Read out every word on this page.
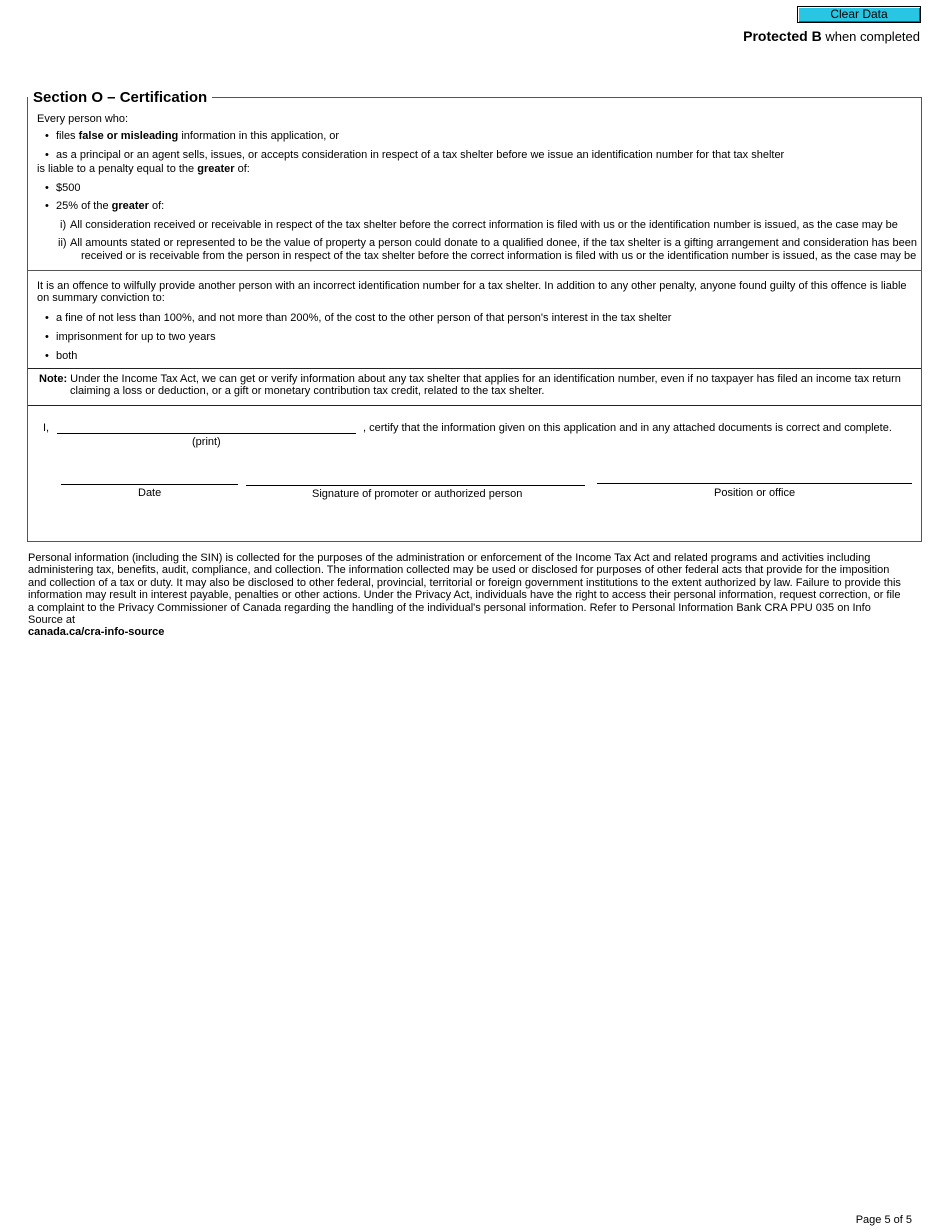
Clear Data
Protected B when completed
Section O – Certification
Every person who:
• files false or misleading information in this application, or
• as a principal or an agent sells, issues, or accepts consideration in respect of a tax shelter before we issue an identification number for that tax shelter
is liable to a penalty equal to the greater of:
• $500
• 25% of the greater of:
i) All consideration received or receivable in respect of the tax shelter before the correct information is filed with us or the identification number is issued, as the case may be
ii) All amounts stated or represented to be the value of property a person could donate to a qualified donee, if the tax shelter is a gifting arrangement and consideration has been
received or is receivable from the person in respect of the tax shelter before the correct information is filed with us or the identification number is issued, as the case may be
It is an offence to wilfully provide another person with an incorrect identification number for a tax shelter. In addition to any other penalty, anyone found guilty of this offence is liable
on summary conviction to:
• a fine of not less than 100%, and not more than 200%, of the cost to the other person of that person's interest in the tax shelter
• imprisonment for up to two years
• both
Note: Under the Income Tax Act, we can get or verify information about any tax shelter that applies for an identification number, even if no taxpayer has filed an income tax return
claiming a loss or deduction, or a gift or monetary contribution tax credit, related to the tax shelter.
I,	, certify that the information given on this application and in any attached documents is correct and complete.
(print)
Date	Signature of promoter or authorized person	Position or office
Personal information (including the SIN) is collected for the purposes of the administration or enforcement of the Income Tax Act and related programs and activities including administering tax, benefits, audit, compliance, and collection. The information collected may be used or disclosed for purposes of other federal acts that provide for the imposition and collection of a tax or duty. It may also be disclosed to other federal, provincial, territorial or foreign government institutions to the extent authorized by law. Failure to provide this information may result in interest payable, penalties or other actions. Under the Privacy Act, individuals have the right to access their personal information, request correction, or file a complaint to the Privacy Commissioner of Canada regarding the handling of the individual's personal information. Refer to Personal Information Bank CRA PPU 035 on Info Source at
canada.ca/cra-info-source
Page 5 of 5
